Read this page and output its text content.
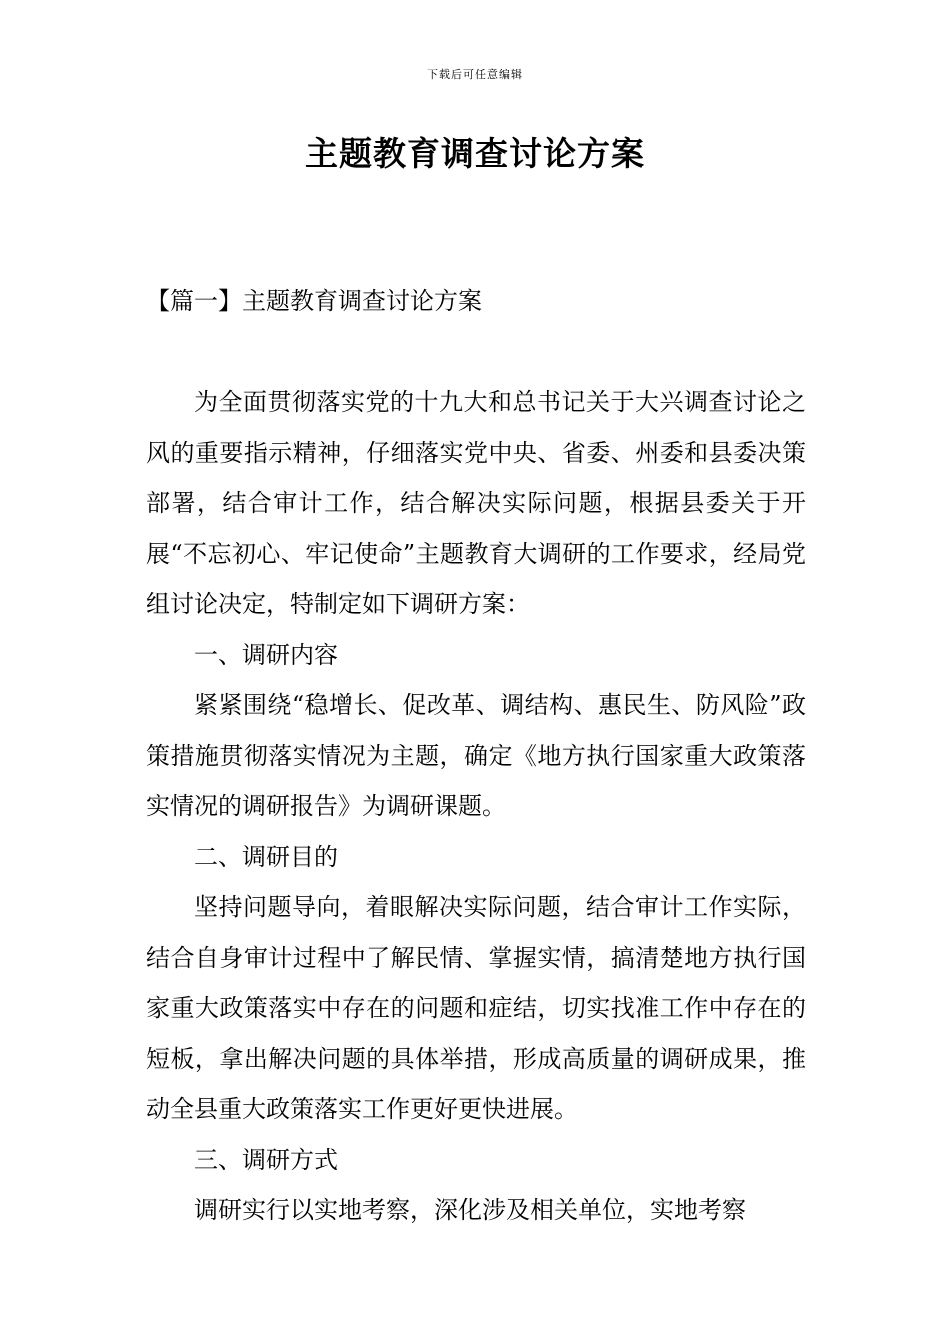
下载后可任意编辑
主题教育调查讨论方案
【篇一】主题教育调查讨论方案

为全面贯彻落实党的十九大和总书记关于大兴调查讨论之风的重要指示精神，仔细落实党中央、省委、州委和县委决策部署，结合审计工作，结合解决实际问题，根据县委关于开展“不忘初心、牢记使命”主题教育大调研的工作要求，经局党组讨论决定，特制定如下调研方案：

一、调研内容

紧紧围绕“稳增长、促改革、调结构、惠民生、防风险”政策措施贯彻落实情况为主题，确定《地方执行国家重大政策落实情况的调研报告》为调研课题。

二、调研目的

坚持问题导向，着眼解决实际问题，结合审计工作实际，结合自身审计过程中了解民情、掌握实情，搞清楚地方执行国家重大政策落实中存在的问题和症结，切实找准工作中存在的短板，拿出解决问题的具体举措，形成高质量的调研成果，推动全县重大政策落实工作更好更快进展。

三、调研方式

调研实行以实地考察，深化涉及相关单位，实地考察
